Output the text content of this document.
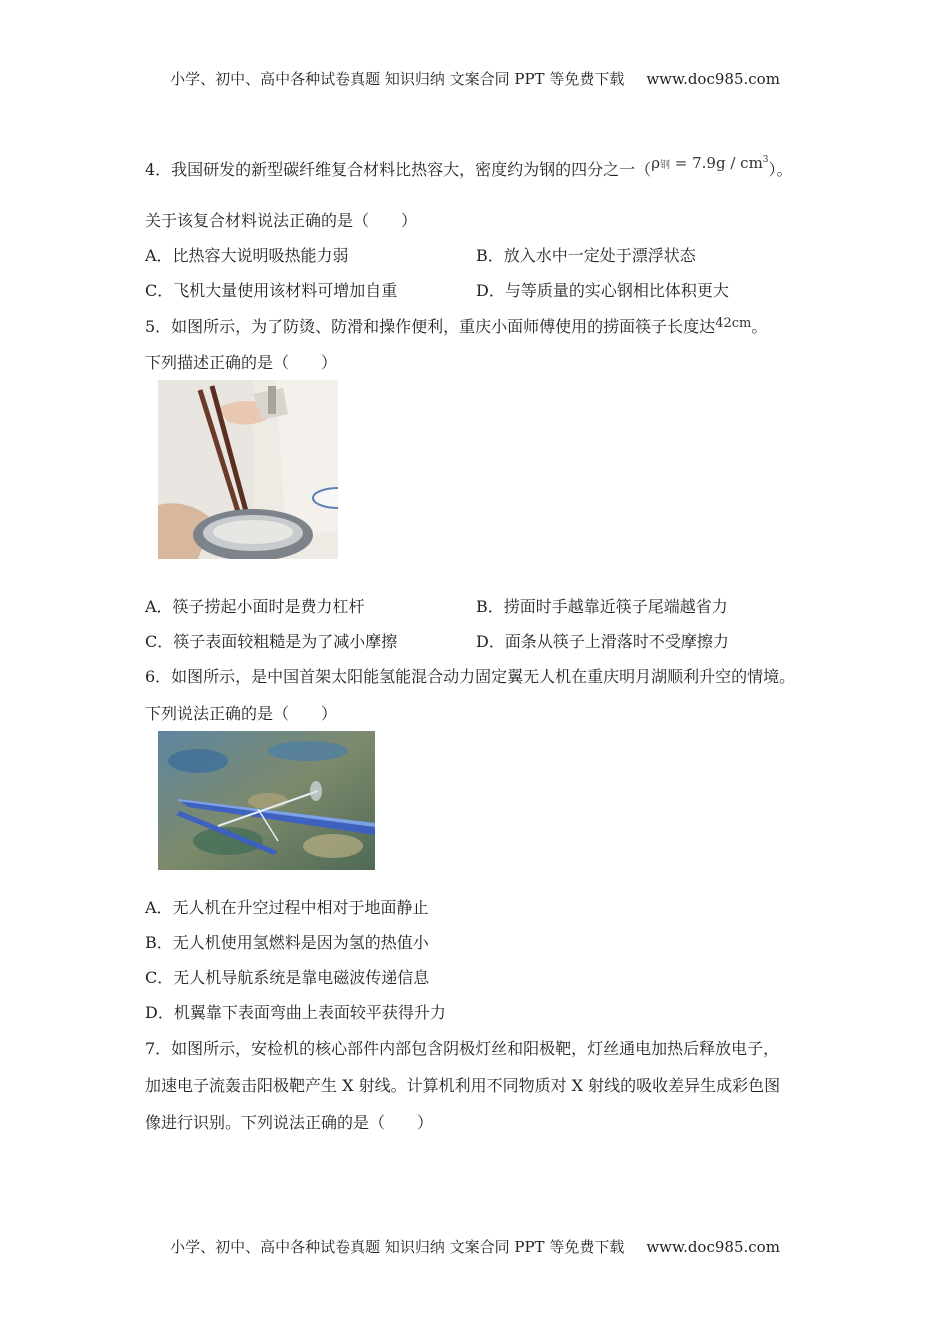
小学、初中、高中各种试卷真题 知识归纳 文案合同 PPT 等免费下载 www.doc985.com
4．我国研发的新型碳纤维复合材料比热容大，密度约为钢的四分之一（ρ钢 = $7.9g / cm^3$）。
关于该复合材料说法正确的是（　　）
A．比热容大说明吸热能力弱	B．放入水中一定处于漂浮状态
C．飞机大量使用该材料可增加自重	D．与等质量的实心钢相比体积更大
5．如图所示，为了防烫、防滑和操作便利，重庆小面师傅使用的捞面筷子长度达$^{42cm}$。
下列描述正确的是（　　）
A．筷子捞起小面时是费力杠杆	B．捞面时手越靠近筷子尾端越省力
C．筷子表面较粗糙是为了减小摩擦	D．面条从筷子上滑落时不受摩擦力
6．如图所示，是中国首架太阳能氢能混合动力固定翼无人机在重庆明月湖顺利升空的情境。
下列说法正确的是（　　）
A．无人机在升空过程中相对于地面静止
B．无人机使用氢燃料是因为氢的热值小
C．无人机导航系统是靠电磁波传递信息
D．机翼靠下表面弯曲上表面较平获得升力
7．如图所示，安检机的核心部件内部包含阴极灯丝和阳极靶，灯丝通电加热后释放电子，
加速电子流轰击阳极靶产生 X 射线。计算机利用不同物质对 X 射线的吸收差异生成彩色图
像进行识别。下列说法正确的是（　　）
小学、初中、高中各种试卷真题 知识归纳 文案合同 PPT 等免费下载 www.doc985.com
